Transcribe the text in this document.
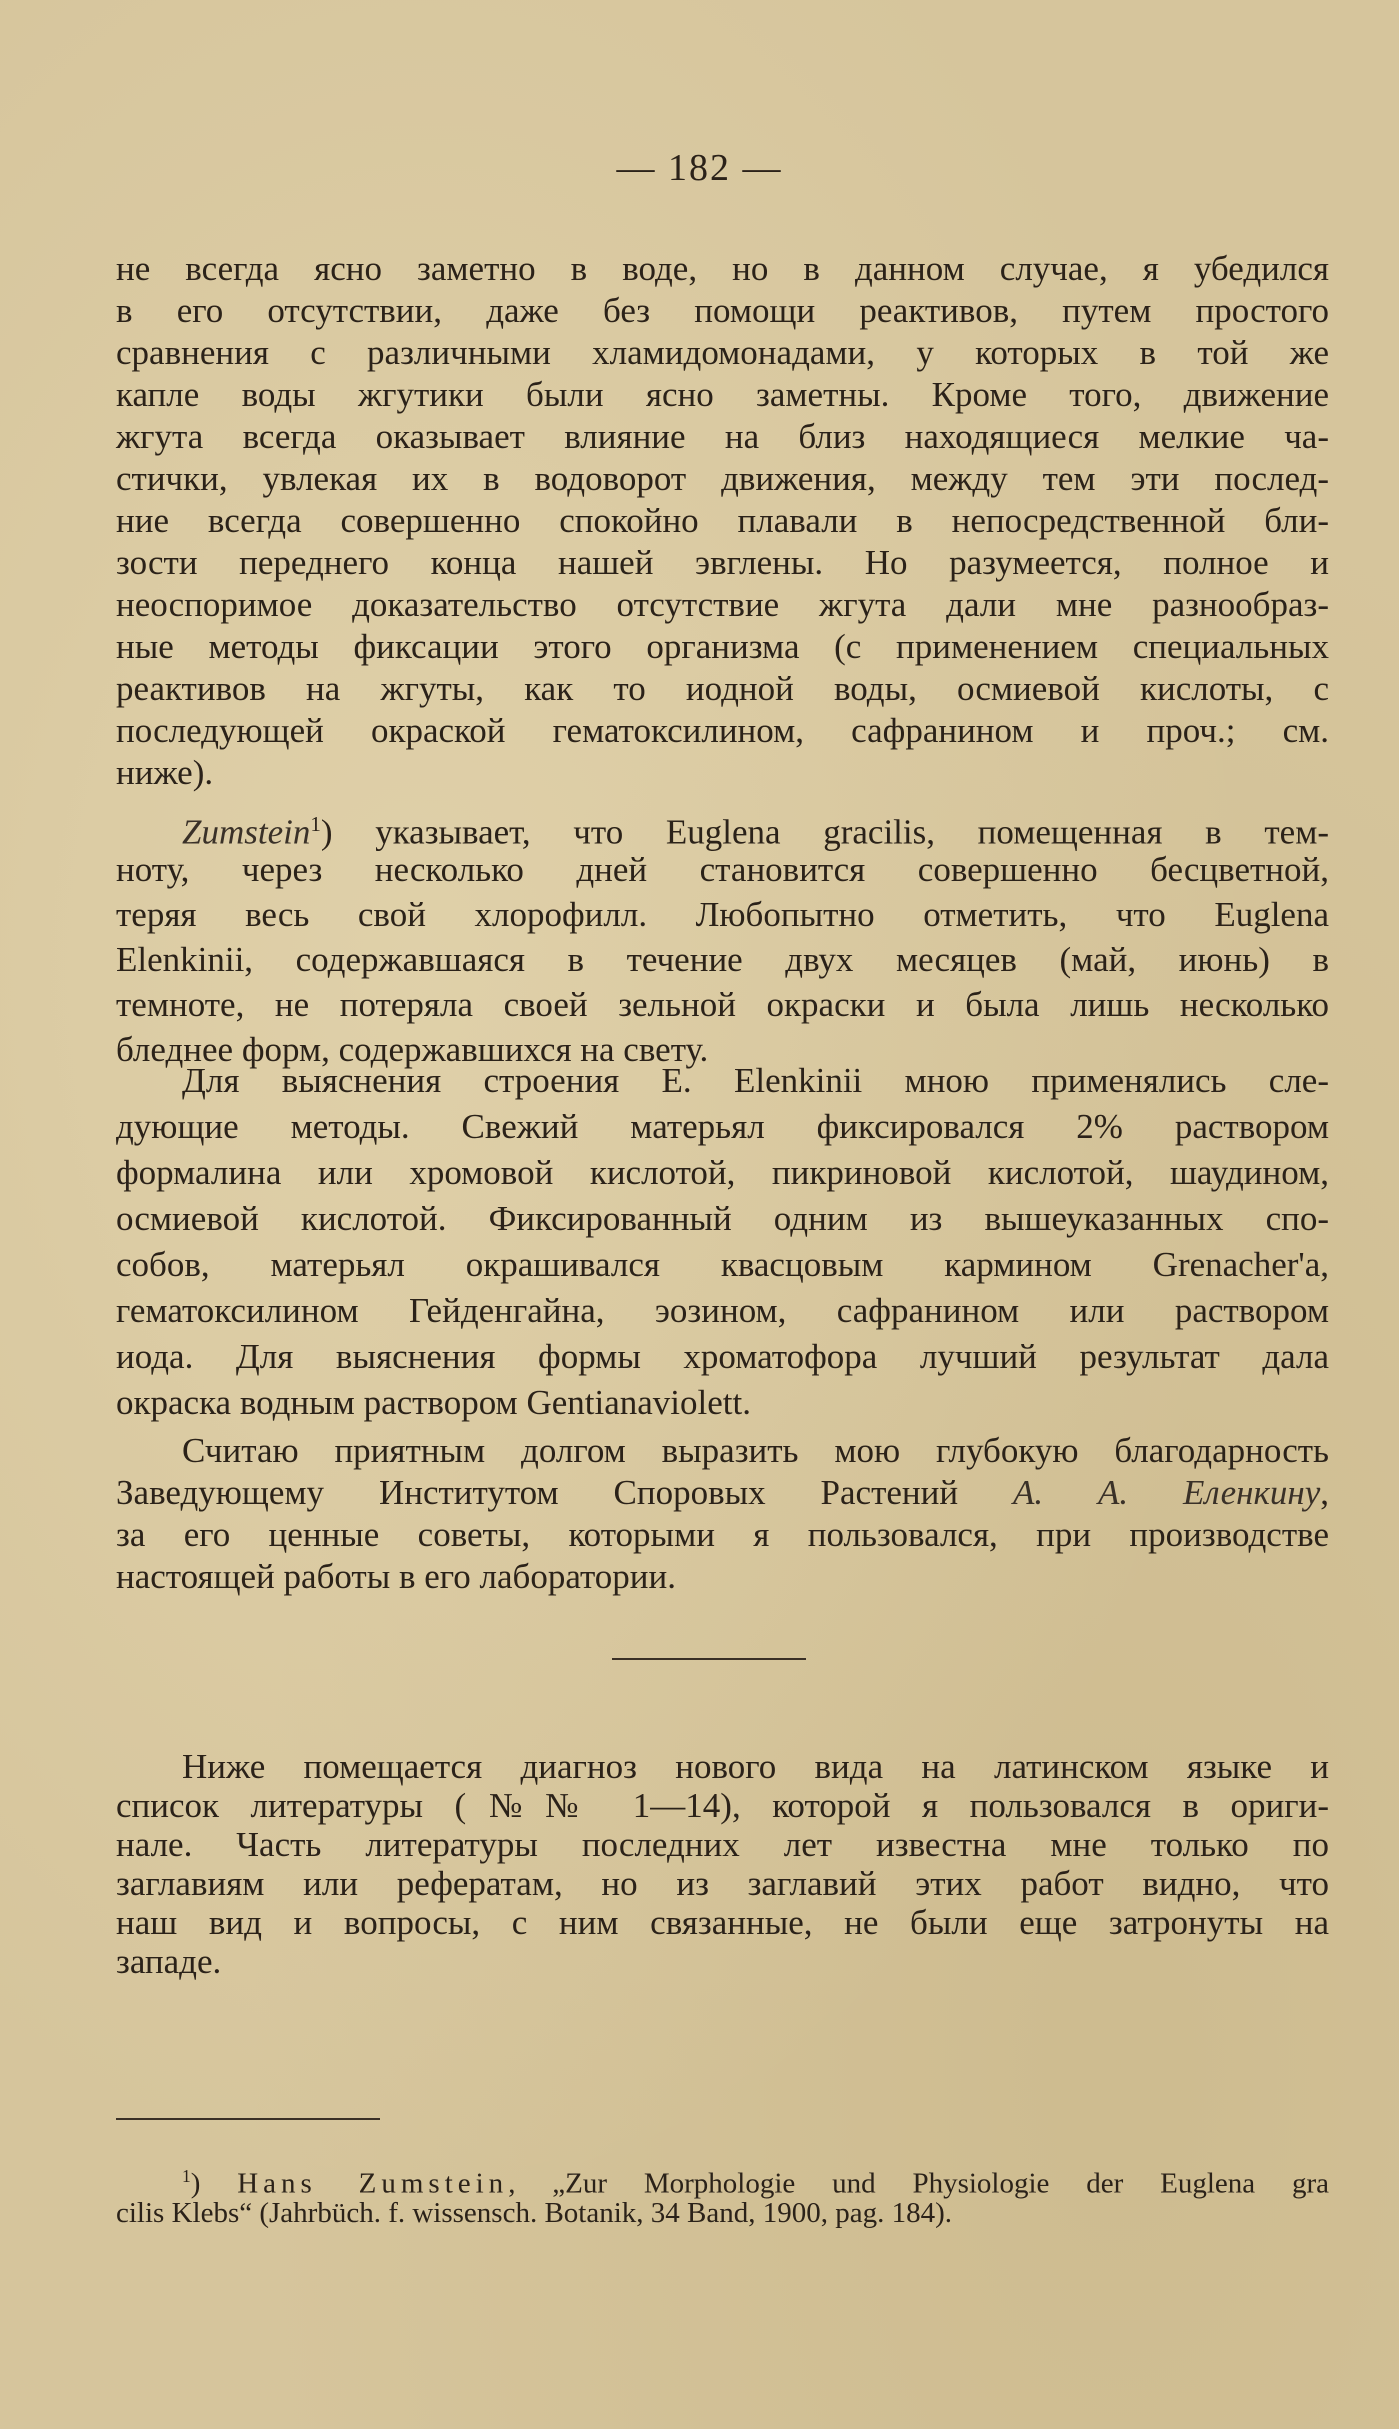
— 182 —
не всегда ясно заметно в воде, но в данном случае, я убедился
в его отсутствии, даже без помощи реактивов, путем простого
сравнения с различными хламидомонадами, у которых в той же
капле воды жгутики были ясно заметны. Кроме того, движение
жгута всегда оказывает влияние на близ находящиеся мелкие ча-
стички, увлекая их в водоворот движения, между тем эти послед-
ние всегда совершенно спокойно плавали в непосредственной бли-
зости переднего конца нашей эвглены. Но разумеется, полное и
неоспоримое доказательство отсутствие жгута дали мне разнообраз-
ные методы фиксации этого организма (с применением специальных
реактивов на жгуты, как то иодной воды, осмиевой кислоты, с
последующей окраской гематоксилином, сафранином и проч.; см.
ниже).
Zumstein$^1$) указывает, что Euglena gracilis, помещенная в тем-
ноту, через несколько дней становится совершенно бесцветной,
теряя весь свой хлорофилл. Любопытно отметить, что Euglena
Elenkinii, содержавшаяся в течение двух месяцев (май, июнь) в
темноте, не потеряла своей зельной окраски и была лишь несколько
бледнее форм, содержавшихся на свету.
Для выяснения строения E. Elenkinii мною применялись сле-
дующие методы. Свежий матерьял фиксировался 2% раствором
формалина или хромовой кислотой, пикриновой кислотой, шаудином,
осмиевой кислотой. Фиксированный одним из вышеуказанных спо-
собов, матерьял окрашивался квасцовым кармином Grenacher'a,
гематоксилином Гейденгайна, эозином, сафранином или раствором
иода. Для выяснения формы хроматофора лучший результат дала
окраска водным раствором Gentianaviolett.
Считаю приятным долгом выразить мою глубокую благодарность
Заведующему Институтом Споровых Растений А. А. Еленкину,
за его ценные советы, которыми я пользовался, при производстве
настоящей работы в его лаборатории.
Ниже помещается диагноз нового вида на латинском языке и
список литературы (№№ 1—14), которой я пользовался в ориги-
нале. Часть литературы последних лет известна мне только по
заглавиям или рефератам, но из заглавий этих работ видно, что
наш вид и вопросы, с ним связанные, не были еще затронуты на
западе.
$^1$) Hans Zumstein, „Zur Morphologie und Physiologie der Euglena gra
cilis Klebs“ (Jahrbüch. f. wissensch. Botanik, 34 Band, 1900, pag. 184).
